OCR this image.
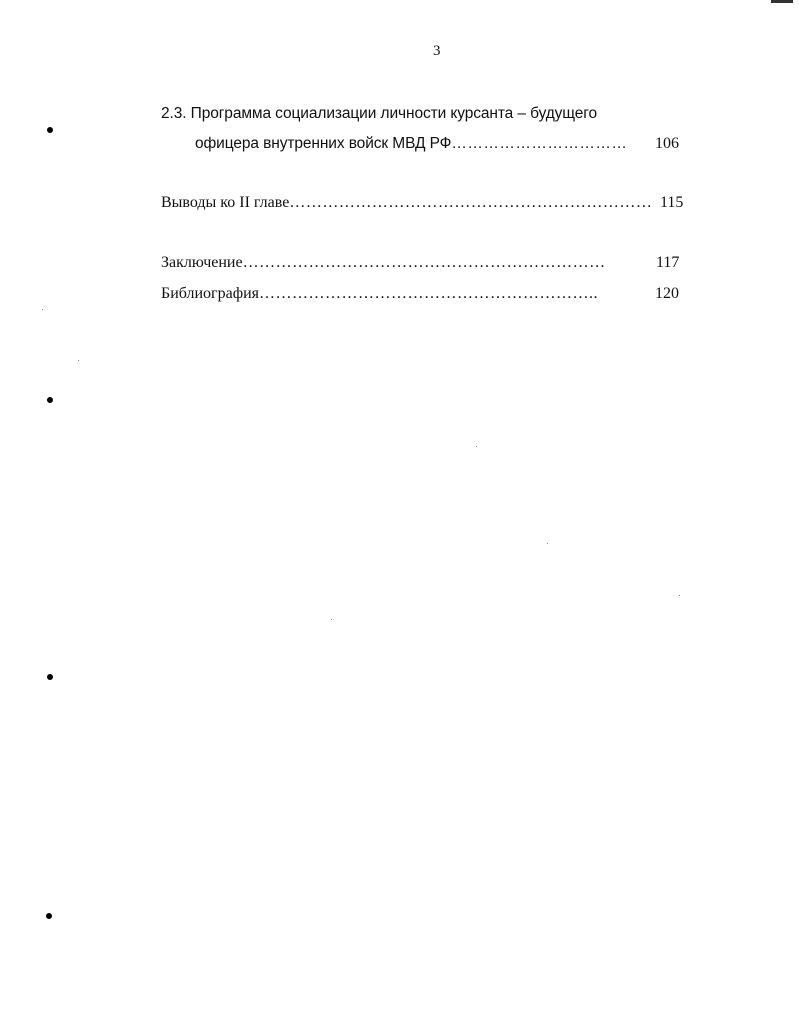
3
2.3. Программа социализации личности курсанта – будущего
офицера внутренних войск МВД РФ…………………………… 106
Выводы ко II главе………………………………………………………… 115
Заключение…………………………………………………………	117
Библиография……………………………………………………..	120
